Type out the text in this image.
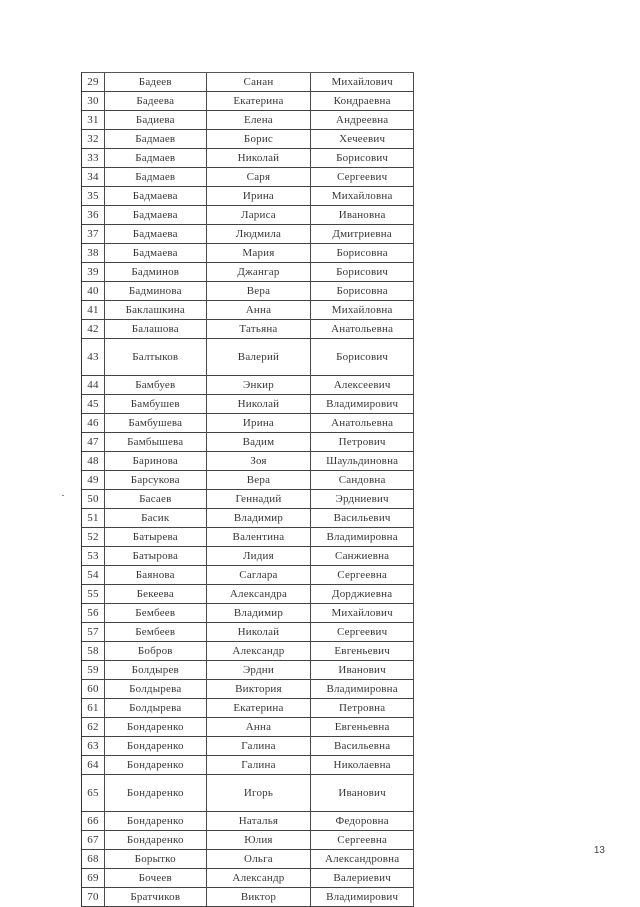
29	Бадеев	Санан	Михайлович
30	Бадеева	Екатерина	Кондраевна
31	Бадиева	Елена	Андреевна
32	Бадмаев	Борис	Хечеевич
33	Бадмаев	Николай	Борисович
34	Бадмаев	Саря	Сергеевич
35	Бадмаева	Ирина	Михайловна
36	Бадмаева	Лариса	Ивановна
37	Бадмаева	Людмила	Дмитриевна
38	Бадмаева	Мария	Борисовна
39	Бадминов	Джангар	Борисович
40	Бадминова	Вера	Борисовна
41	Баклашкина	Анна	Михайловна
42	Балашова	Татьяна	Анатольевна
43	Балтыков	Валерий	Борисович
44	Бамбуев	Энкир	Алексеевич
45	Бамбушев	Николай	Владимирович
46	Бамбушева	Ирина	Анатольевна
47	Бамбышева	Вадим	Петрович
48	Баринова	Зоя	Шаульдиновна
49	Барсукова	Вера	Сандовна
50	Басаев	Геннадий	Эрдниевич
51	Басик	Владимир	Васильевич
52	Батырева	Валентина	Владимировна
53	Батырова	Лидия	Санжиевна
54	Баянова	Саглара	Сергеевна
55	Бекеева	Александра	Дорджиевна
56	Бембеев	Владимир	Михайлович
57	Бембеев	Николай	Сергеевич
58	Бобров	Александр	Евгеньевич
59	Болдырев	Эрдни	Иванович
60	Болдырева	Виктория	Владимировна
61	Болдырева	Екатерина	Петровна
62	Бондаренко	Анна	Евгеньевна
63	Бондаренко	Галина	Васильевна
64	Бондаренко	Галина	Николаевна
65	Бондаренко	Игорь	Иванович
66	Бондаренко	Наталья	Федоровна
67	Бондаренко	Юлия	Сергеевна
68	Борытко	Ольга	Александровна
69	Бочеев	Александр	Валериевич
70	Братчиков	Виктор	Владимирович
13
